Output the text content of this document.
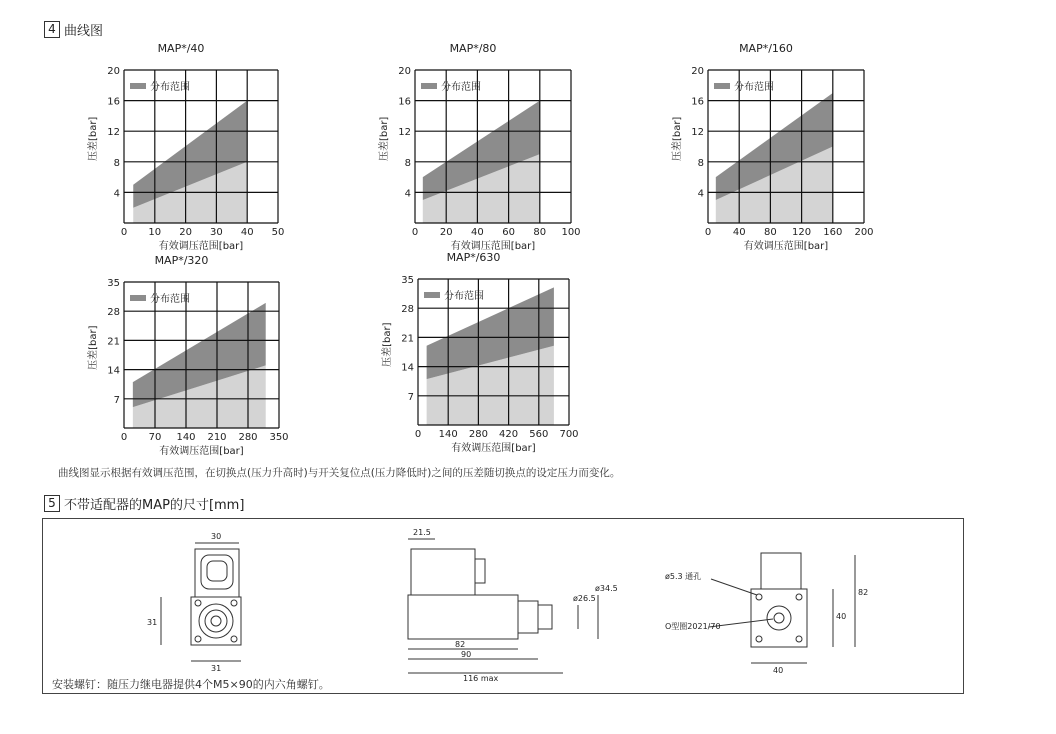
4 曲线图
0 10 20 30 40 50
4
8
12
16
20
MAP*/40
有效调压范围[bar]
压差[bar]
分布范围
0 20 40 60 80 100
4
8
12
16
20
MAP*/80
有效调压范围[bar]
压差[bar]
分布范围
0 40 80 120 160 200
4
8
12
16
20
MAP*/160
有效调压范围[bar]
压差[bar]
分布范围
0 70 140 210 280 350
7
14
21
28
35
MAP*/320
有效调压范围[bar]
压差[bar]
分布范围
0 140 280 420 560 700
7
14
21
28
35
MAP*/630
有效调压范围[bar]
压差[bar]
分布范围
曲线图显示根据有效调压范围，在切换点(压力升高时)与开关复位点(压力降低时)之间的压差随切换点的设定压力而变化。
5 不带适配器的MAP的尺寸[mm]
30
31
31
21.5
82
90
116 max
ø26.5
ø34.5
ø5.3 通孔
O型圈2021/70
40
82
40
安装螺钉：随压力继电器提供4个M5×90的内六角螺钉。
